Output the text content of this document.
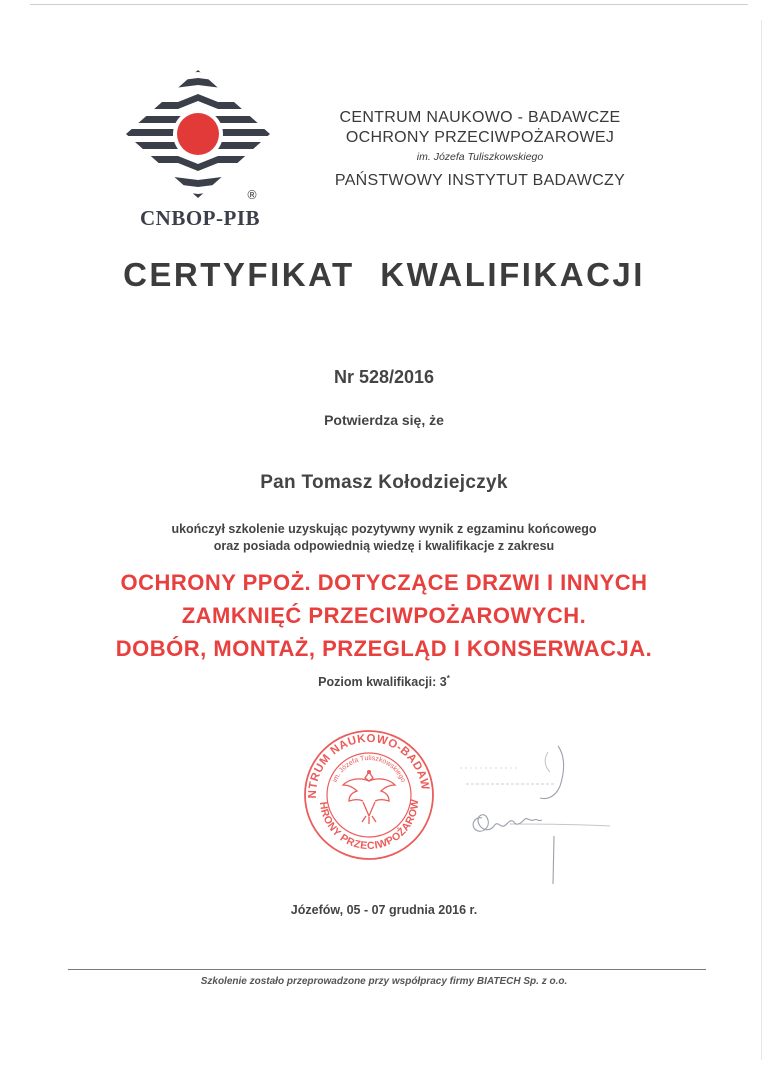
®
CNBOP-PIB
CENTRUM NAUKOWO - BADAWCZE
OCHRONY PRZECIWPOŻAROWEJ
im. Józefa Tuliszkowskiego
PAŃSTWOWY INSTYTUT BADAWCZY
CERTYFIKAT KWALIFIKACJI
Nr 528/2016
Potwierdza się, że
Pan Tomasz Kołodziejczyk
ukończył szkolenie uzyskując pozytywny wynik z egzaminu końcowego
oraz posiada odpowiednią wiedzę i kwalifikacje z zakresu
OCHRONY PPOŻ. DOTYCZĄCE DRZWI I INNYCH
ZAMKNIĘĆ PRZECIWPOŻAROWYCH.
DOBÓR, MONTAŻ, PRZEGLĄD I KONSERWACJA.
Poziom kwalifikacji: 3*
NTRUM NAUKOWO-BADAW
im. Józefa Tuliszkowskiego
HRONY PRZECIWPOŻAROW
Józefów, 05 - 07 grudnia 2016 r.
Szkolenie zostało przeprowadzone przy współpracy firmy BIATECH Sp. z o.o.
